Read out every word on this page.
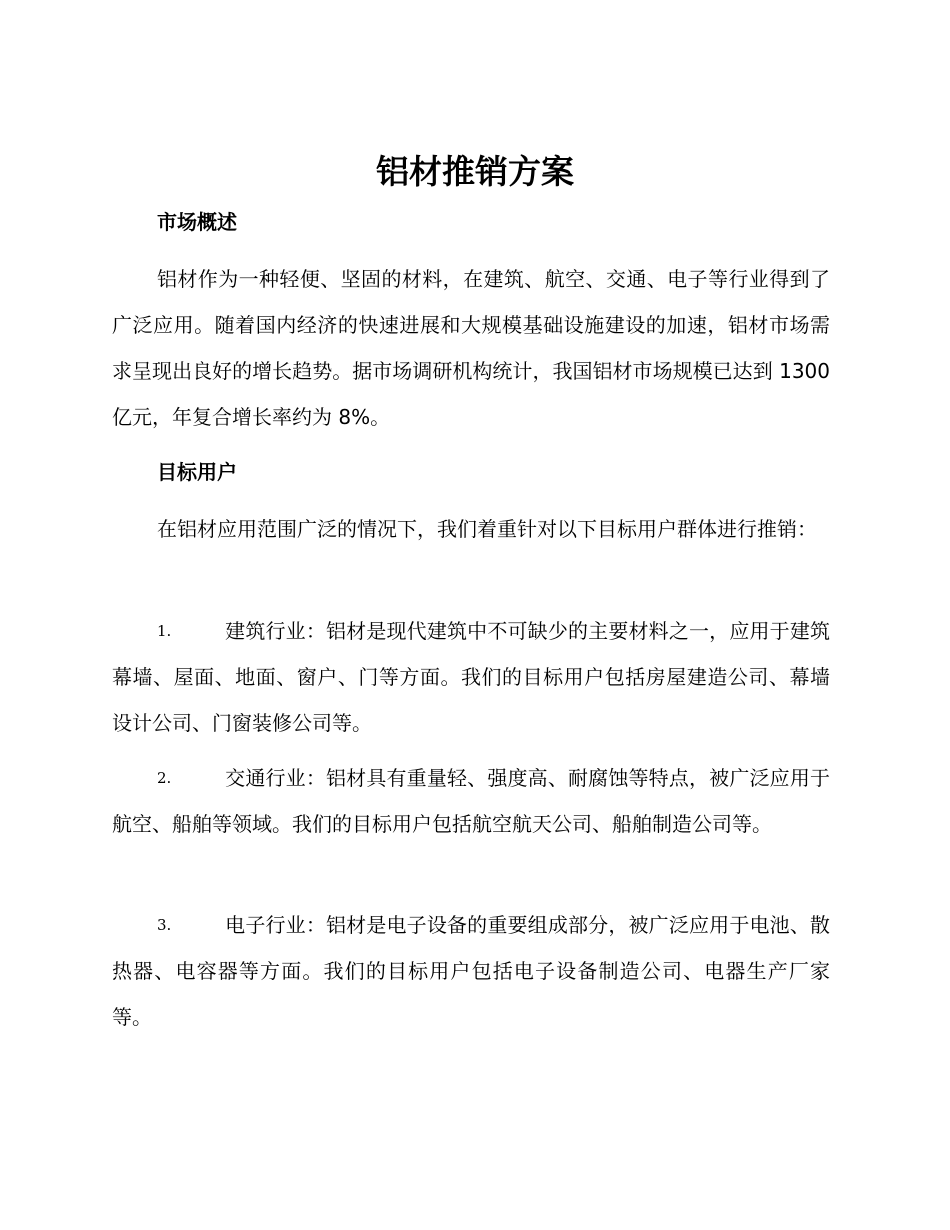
铝材推销方案
市场概述

铝材作为一种轻便、坚固的材料，在建筑、航空、交通、电子等行业得到了广泛应用。随着国内经济的快速进展和大规模基础设施建设的加速，铝材市场需求呈现出良好的增长趋势。据市场调研机构统计，我国铝材市场规模已达到 1300 亿元，年复合增长率约为 8%。

目标用户

在铝材应用范围广泛的情况下，我们着重针对以下目标用户群体进行推销：

1.	建筑行业：铝材是现代建筑中不可缺少的主要材料之一，应用于建筑幕墙、屋面、地面、窗户、门等方面。我们的目标用户包括房屋建造公司、幕墙设计公司、门窗装修公司等。

2.	交通行业：铝材具有重量轻、强度高、耐腐蚀等特点，被广泛应用于航空、船舶等领域。我们的目标用户包括航空航天公司、船舶制造公司等。

3.	电子行业：铝材是电子设备的重要组成部分，被广泛应用于电池、散热器、电容器等方面。我们的目标用户包括电子设备制造公司、电器生产厂家等。
